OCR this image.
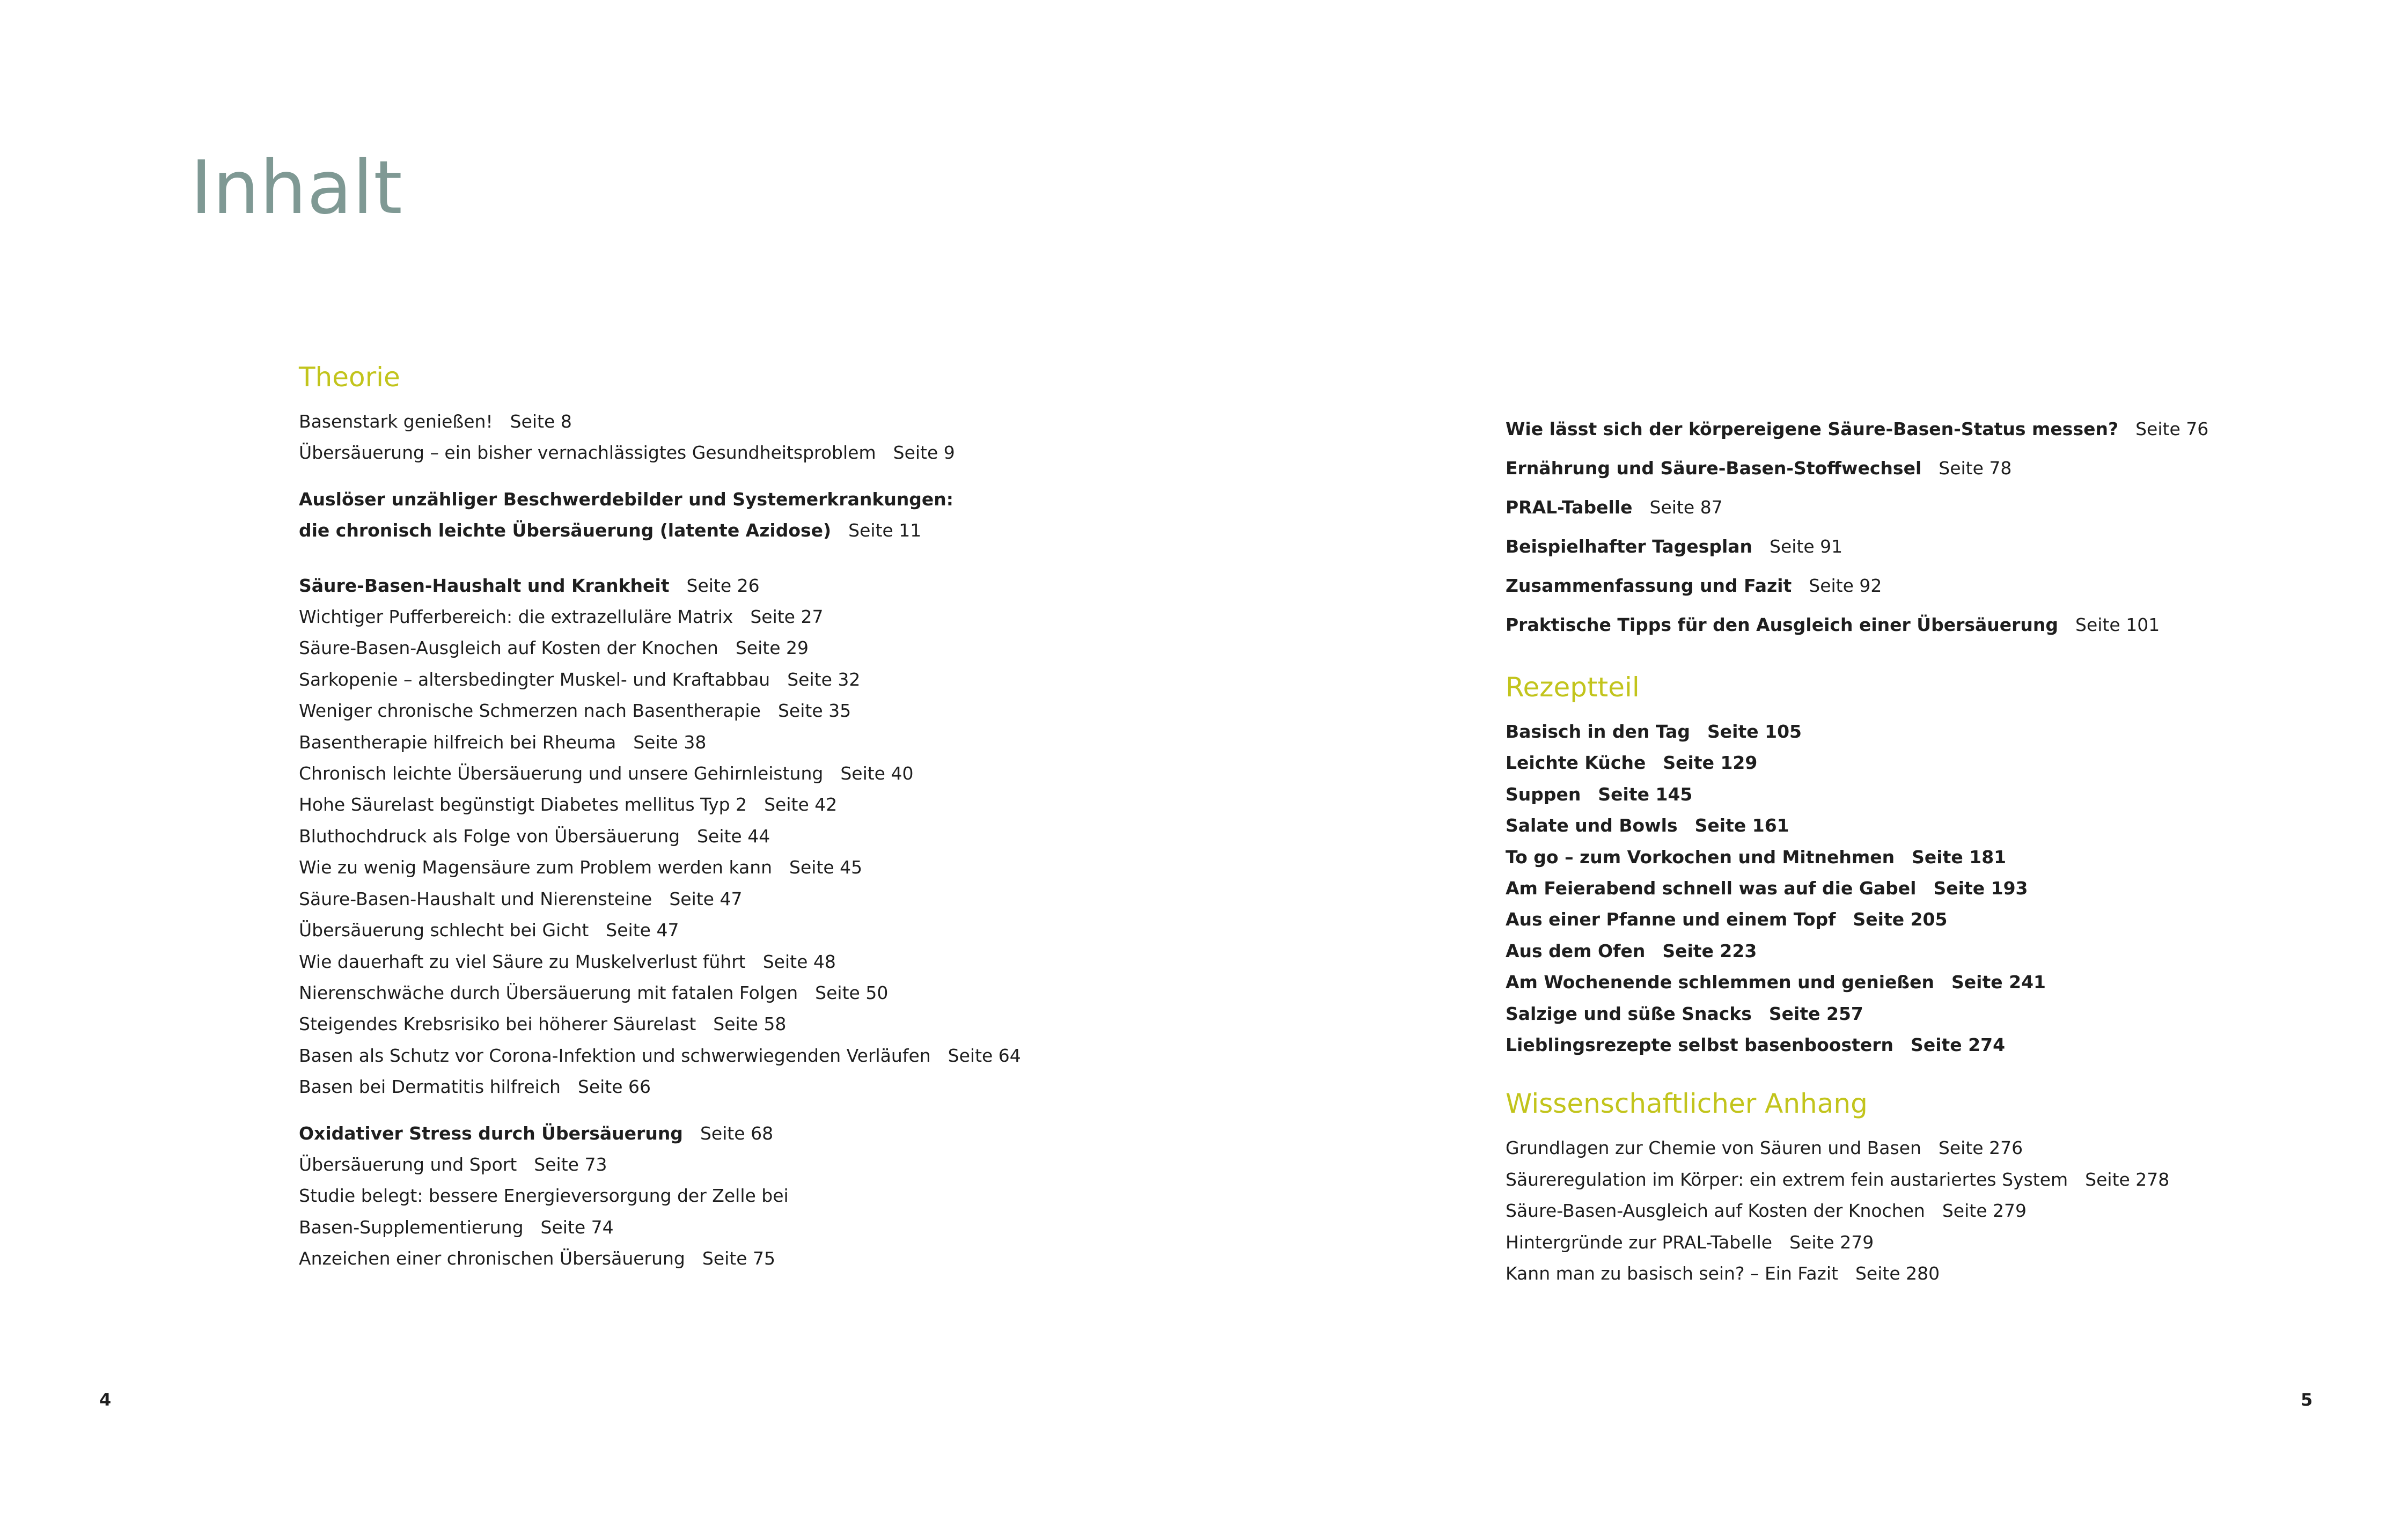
Inhalt
Theorie
Basenstark genießen! Seite 8
Übersäuerung – ein bisher vernachlässigtes Gesundheitsproblem Seite 9
Auslöser unzähliger Beschwerdebilder und Systemerkrankungen:
die chronisch leichte Übersäuerung (latente Azidose) Seite 11
Säure-Basen-Haushalt und Krankheit Seite 26
Wichtiger Pufferbereich: die extrazelluläre Matrix Seite 27
Säure-Basen-Ausgleich auf Kosten der Knochen Seite 29
Sarkopenie – altersbedingter Muskel- und Kraftabbau Seite 32
Weniger chronische Schmerzen nach Basentherapie Seite 35
Basentherapie hilfreich bei Rheuma Seite 38
Chronisch leichte Übersäuerung und unsere Gehirnleistung Seite 40
Hohe Säurelast begünstigt Diabetes mellitus Typ 2 Seite 42
Bluthochdruck als Folge von Übersäuerung Seite 44
Wie zu wenig Magensäure zum Problem werden kann Seite 45
Säure-Basen-Haushalt und Nierensteine Seite 47
Übersäuerung schlecht bei Gicht Seite 47
Wie dauerhaft zu viel Säure zu Muskelverlust führt Seite 48
Nierenschwäche durch Übersäuerung mit fatalen Folgen Seite 50
Steigendes Krebsrisiko bei höherer Säurelast Seite 58
Basen als Schutz vor Corona-Infektion und schwerwiegenden Verläufen Seite 64
Basen bei Dermatitis hilfreich Seite 66
Oxidativer Stress durch Übersäuerung Seite 68
Übersäuerung und Sport Seite 73
Studie belegt: bessere Energieversorgung der Zelle bei
Basen-Supplementierung Seite 74
Anzeichen einer chronischen Übersäuerung Seite 75
Wie lässt sich der körpereigene Säure-Basen-Status messen? Seite 76
Ernährung und Säure-Basen-Stoffwechsel Seite 78
PRAL-Tabelle Seite 87
Beispielhafter Tagesplan Seite 91
Zusammenfassung und Fazit Seite 92
Praktische Tipps für den Ausgleich einer Übersäuerung Seite 101
Rezeptteil
Basisch in den Tag Seite 105
Leichte Küche Seite 129
Suppen Seite 145
Salate und Bowls Seite 161
To go – zum Vorkochen und Mitnehmen Seite 181
Am Feierabend schnell was auf die Gabel Seite 193
Aus einer Pfanne und einem Topf Seite 205
Aus dem Ofen Seite 223
Am Wochenende schlemmen und genießen Seite 241
Salzige und süße Snacks Seite 257
Lieblingsrezepte selbst basenboostern Seite 274
Wissenschaftlicher Anhang
Grundlagen zur Chemie von Säuren und Basen Seite 276
Säureregulation im Körper: ein extrem fein austariertes System Seite 278
Säure-Basen-Ausgleich auf Kosten der Knochen Seite 279
Hintergründe zur PRAL-Tabelle Seite 279
Kann man zu basisch sein? – Ein Fazit Seite 280
4	5
